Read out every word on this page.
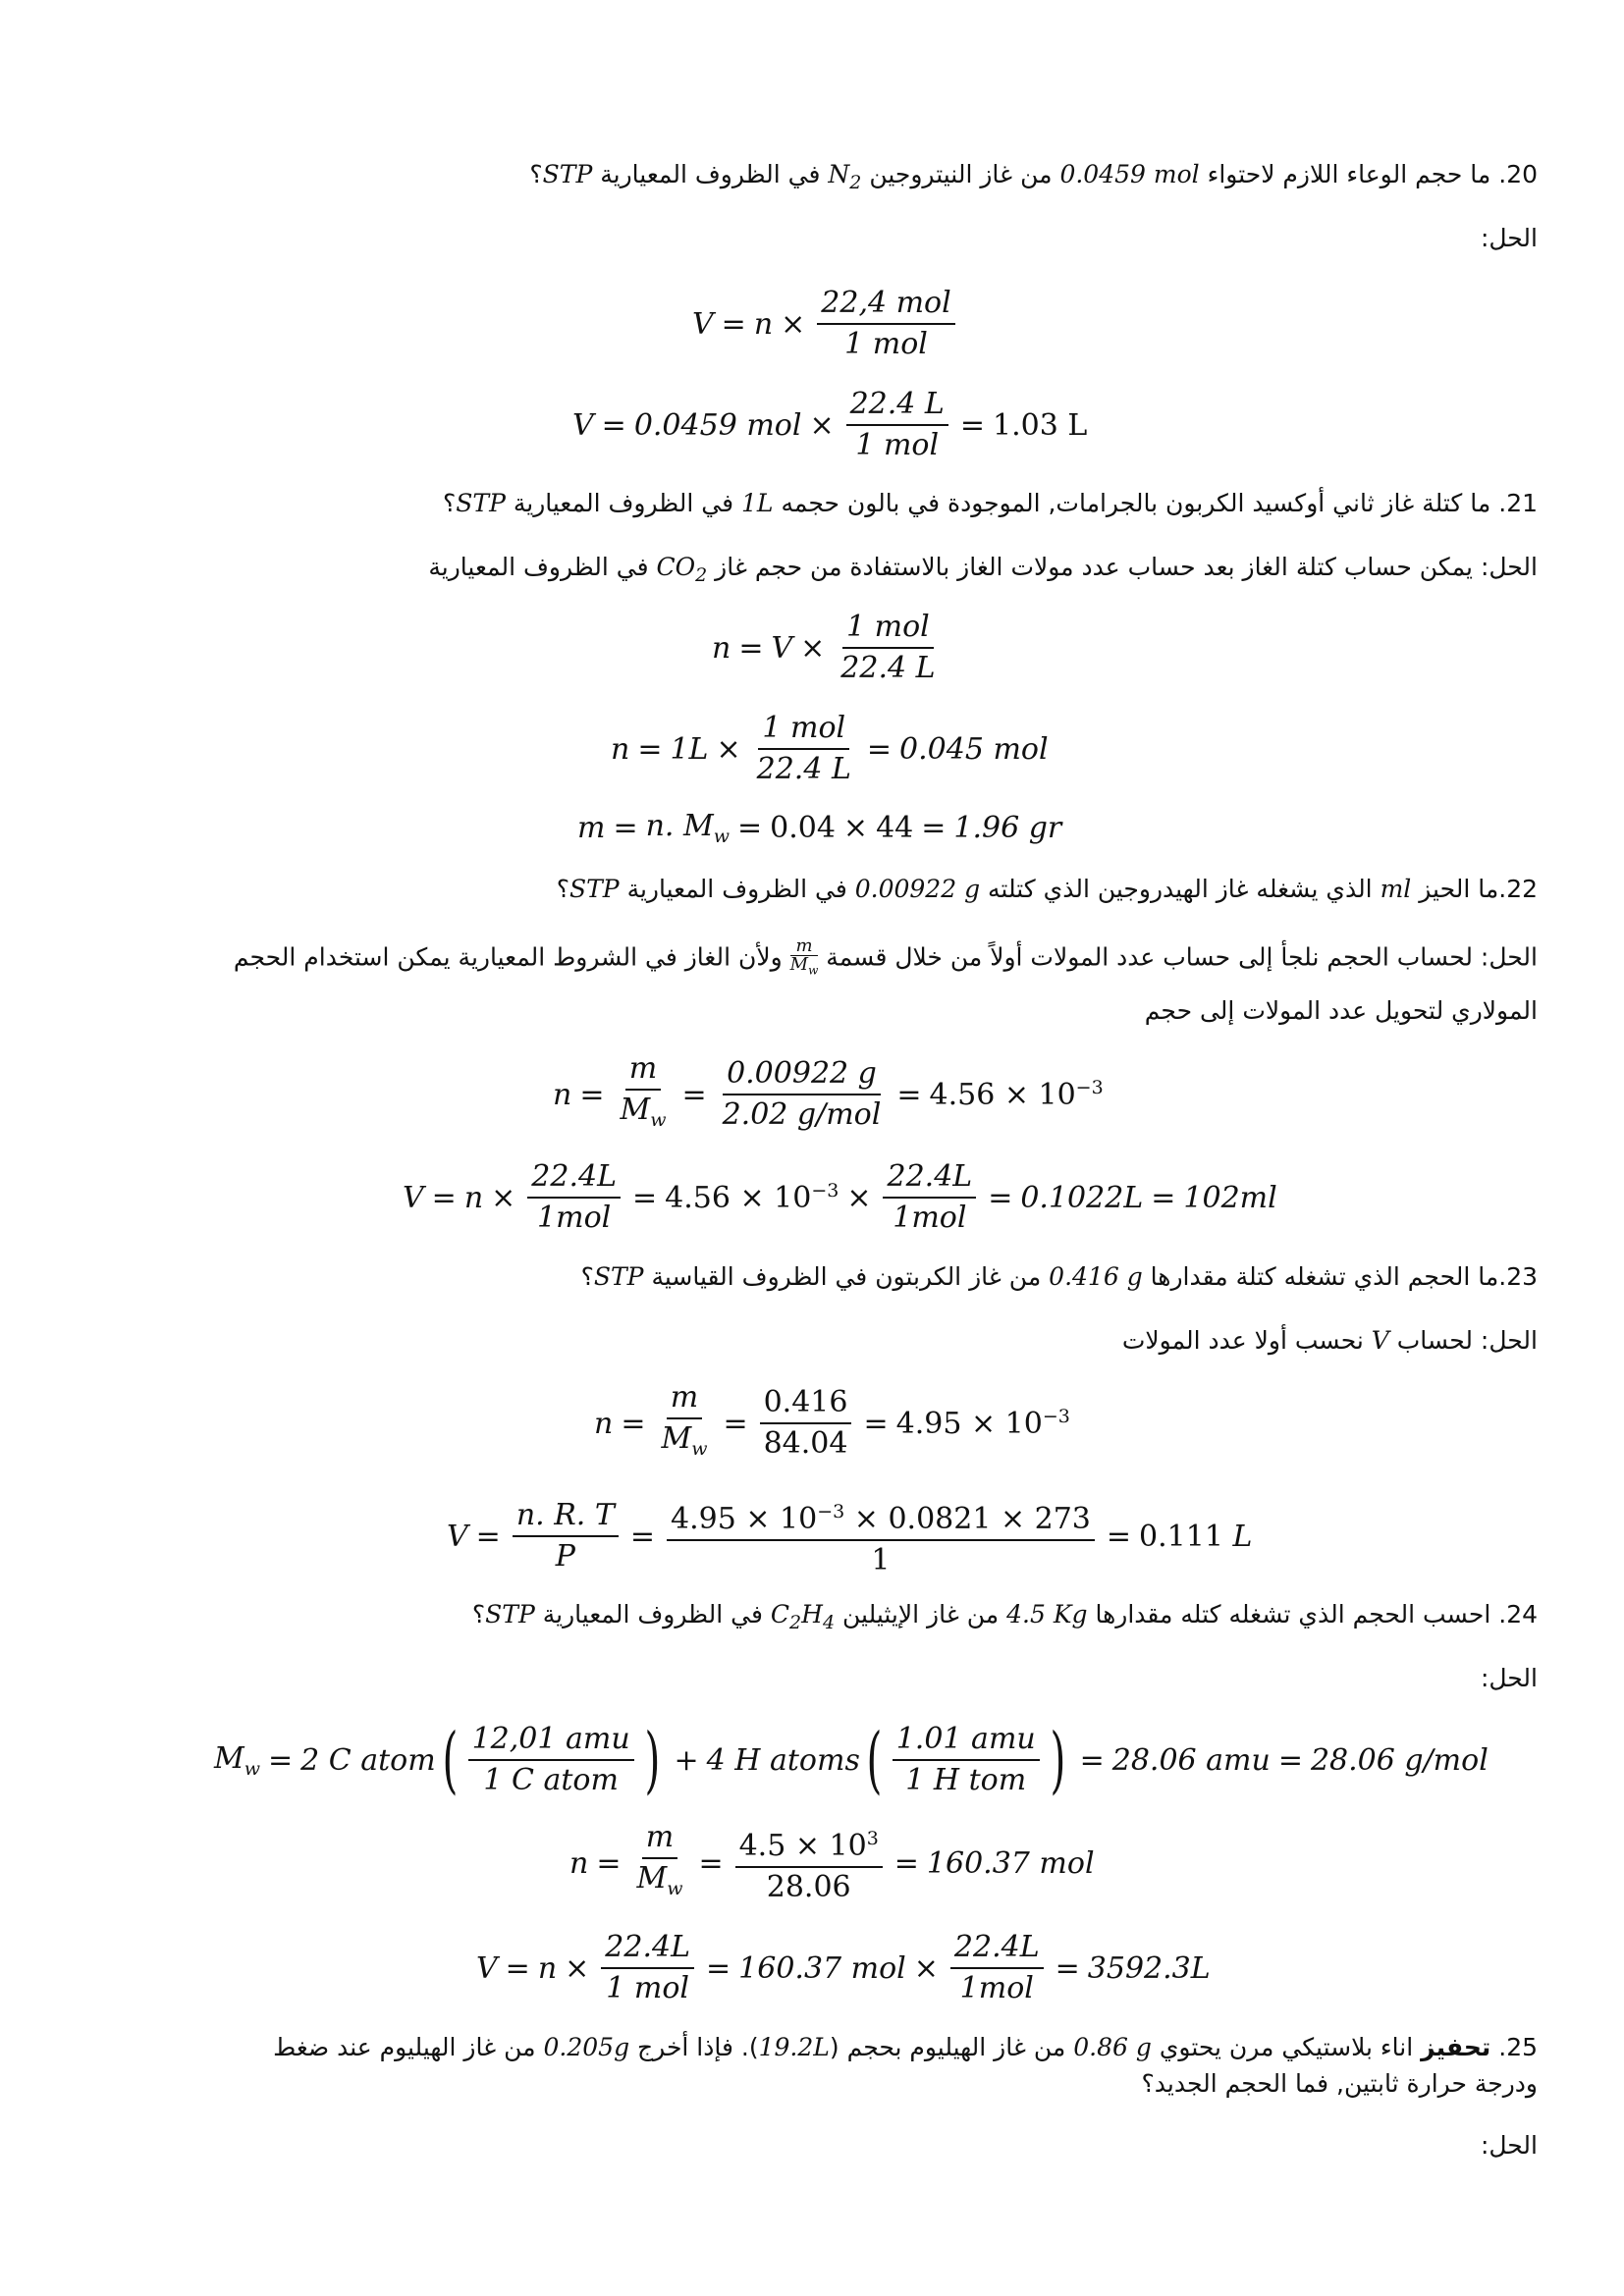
20. ما حجم الوعاء اللازم لاحتواء 0.0459 mol من غاز النيتروجين $N_2$ في الظروف المعيارية STP؟
الحل:
$V = n \times \frac{\text{22,4 mol}}{\text{1 mol}}$
V = 0.0459 mol × $\frac{22.4 L}{\text{1 mol}} = 1.03$ L
21. ما كتلة غاز ثاني أوكسيد الكربون بالجرامات, الموجودة في بالون حجمه 1L في الظروف المعيارية STP؟
الحل: يمكن حساب كتلة الغاز بعد حساب عدد مولات الغاز بالاستفادة من حجم غاز $CO_2$ في الظروف المعيارية
$n = V \times \frac{\text{1 mol}}{22.4 L}$
$n = 1L \times \frac{\text{1 mol}}{22.4 L} = 0.045$ mol
m = n. $M_w = 0.04 \times 44 = 1.96$ gr
22.ما الحيز ml الذي يشغله غاز الهيدروجين الذي كتلته 0.00922 g في الظروف المعيارية STP؟
الحل: لحساب الحجم نلجأ إلى حساب عدد المولات أولاً من خلال قسمة
$\frac{m}{M_w}$
ولأن الغاز في الشروط المعيارية يمكن استخدام الحجم
المولاري لتحويل عدد المولات إلى حجم
$n = \frac{m}{M_w} = \frac{0.00922 g}{\text{2.02 g/mol}} = 4.56 \times 10^{-3}$
$V = n \times \frac{22.4L}{\text{1mol}} = 4.56 \times 10^{-3} \times \frac{22.4L}{\text{1mol}} = 0.1022L = 102ml$
23.ما الحجم الذي تشغله كتلة مقدارها 0.416 g من غاز الكربتون في الظروف القياسية STP؟
الحل: لحساب V نحسب أولا عدد المولات
$n = \frac{m}{M_w} = \frac{0.416}{84.04} = 4.95 \times 10^{-3}$
$V = \frac{n. R. T}{P} = \frac{4.95 \times 10^{-3} \times 0.0821 \times 273}{1} = 0.111$ L
24. احسب الحجم الذي تشغله كتله مقدارها 4.5 Kg من غاز الإيثيلين $C_2H_4$ في الظروف المعيارية STP؟
الحل:
$M_w = 2$ C atom ( $\frac{\text{12,01 amu}}{\text{1 C atom}}$ ) + 4 H atoms ( $\frac{\text{1.01 amu}}{\text{1 H tom}}$ ) = 28.06 amu = 28.06 g/mol
$n = \frac{m}{M_w} = \frac{4.5 \times 10^3}{28.06} = 160.37$ mol
$V = n \times \frac{22.4L}{\text{1 mol}} = 160.37$ mol × $\frac{22.4L}{\text{1mol}} = 3592.3L$
25. تحفيز اناء بلاستيكي مرن يحتوي 0.86 g من غاز الهيليوم بحجم (19.2L). فإذا أخرج 0.205g من غاز الهيليوم عند ضغط
ودرجة حرارة ثابتين, فما الحجم الجديد؟
الحل:
